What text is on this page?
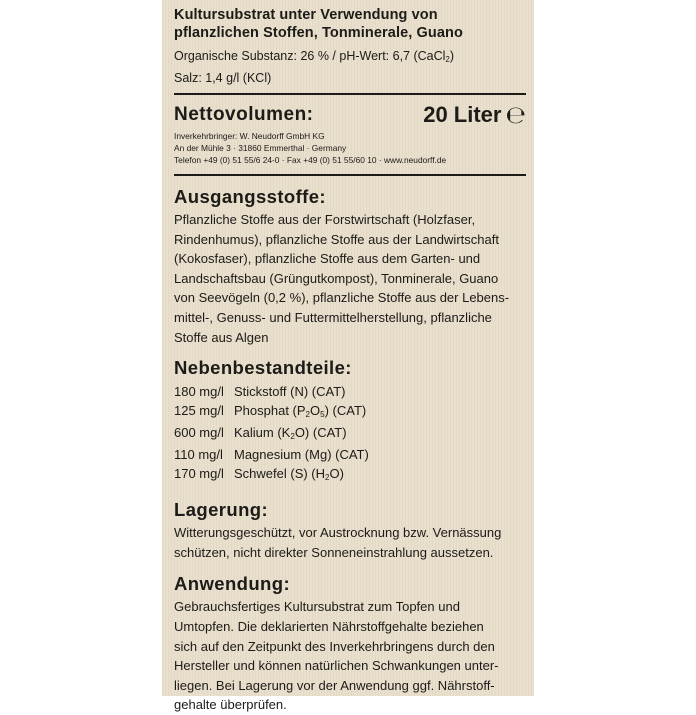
Kultursubstrat unter Verwendung von

pflanzlichen Stoffen, Tonminerale, Guano

Organische Substanz: 26 % / pH-Wert: 6,7 (CaCl$_2$)

Salz: 1,4 g/l (KCl)

Nettovolumen:	20 Liter ℮

Inverkehrbringer: W. Neudorff GmbH KG

An der Mühle 3 · 31860 Emmerthal · Germany

Telefon +49 (0) 51 55/6 24-0 · Fax +49 (0) 51 55/60 10 · www.neudorff.de

Ausgangsstoffe:

Pflanzliche Stoffe aus der Forstwirtschaft (Holzfaser,

Rindenhumus), pflanzliche Stoffe aus der Landwirtschaft

(Kokosfaser), pflanzliche Stoffe aus dem Garten- und

Landschaftsbau (Grüngutkompost), Tonminerale, Guano

von Seevögeln (0,2 %), pflanzliche Stoffe aus der Lebens-

mittel-, Genuss- und Futtermittelherstellung, pflanzliche

Stoffe aus Algen

Nebenbestandteile:

180 mg/l Stickstoff (N) (CAT)
125 mg/l Phosphat $(P_2O_5)$ (CAT)
600 mg/l Kalium $(K_2O)$ (CAT)
110 mg/l Magnesium (Mg) (CAT)
170 mg/l Schwefel (S) $(H_2O)$

Lagerung:

Witterungsgeschützt, vor Austrocknung bzw. Vernässung

schützen, nicht direkter Sonneneinstrahlung aussetzen.

Anwendung:

Gebrauchsfertiges Kultursubstrat zum Topfen und

Umtopfen. Die deklarierten Nährstoffgehalte beziehen

sich auf den Zeitpunkt des Inverkehrbringens durch den

Hersteller und können natürlichen Schwankungen unter-

liegen. Bei Lagerung vor der Anwendung ggf. Nährstoff-

gehalte überprüfen.
